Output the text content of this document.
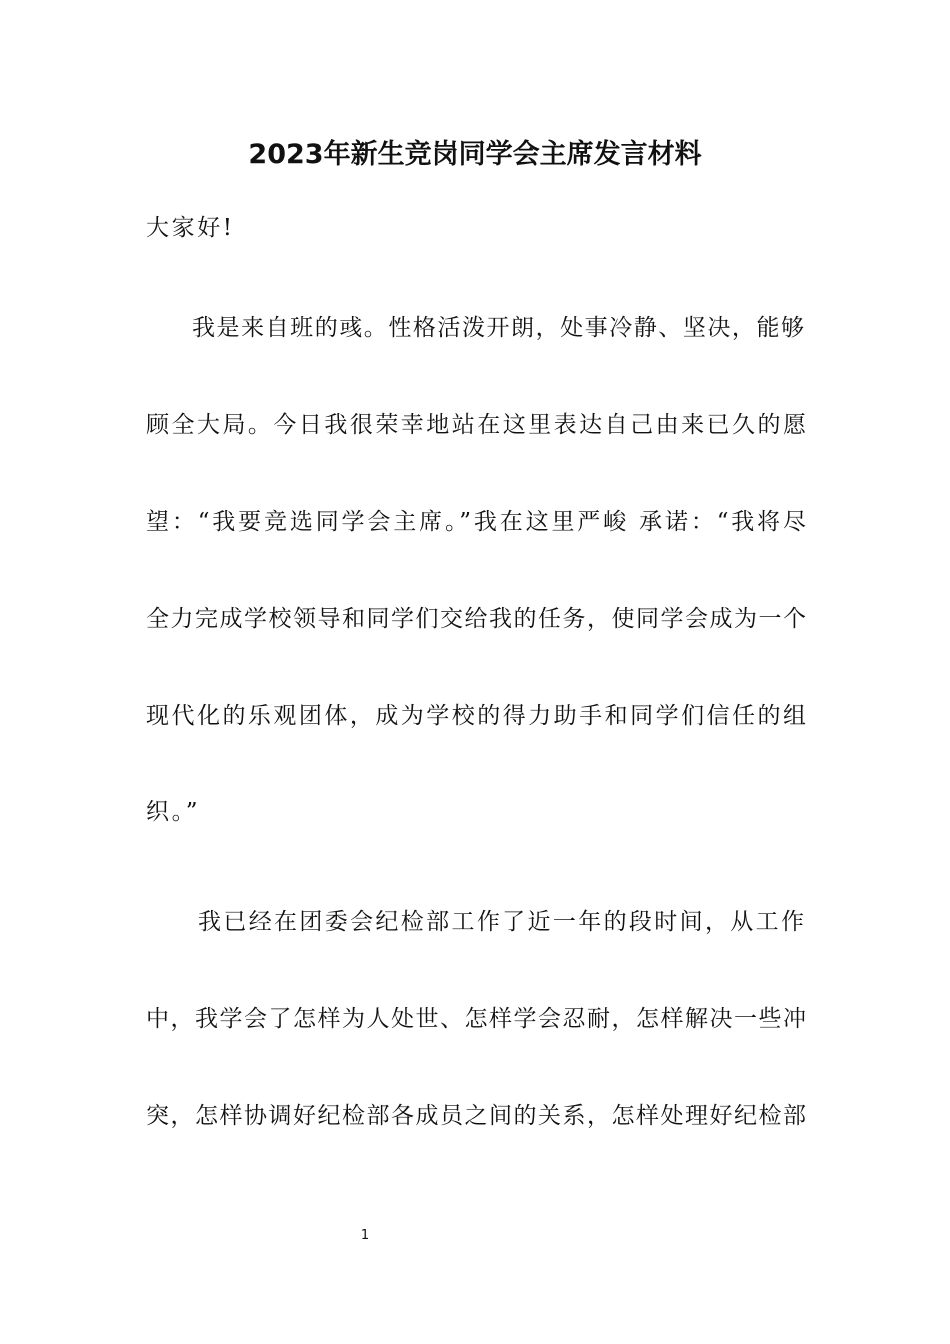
2023年新生竞岗同学会主席发言材料
大家好!
我是来自班的彧。性格活泼开朗，处事冷静、坚决，能够
顾全大局。今日我很荣幸地站在这里表达自己由来已久的愿
望：“我要竞选同学会主席。”我在这里严峻 承诺：“我将尽
全力完成学校领导和同学们交给我的任务，使同学会成为一个
现代化的乐观团体，成为学校的得力助手和同学们信任的组
织。”
我已经在团委会纪检部工作了近一年的段时间，从工作
中，我学会了怎样为人处世、怎样学会忍耐，怎样解决一些冲
突，怎样协调好纪检部各成员之间的关系，怎样处理好纪检部
1
